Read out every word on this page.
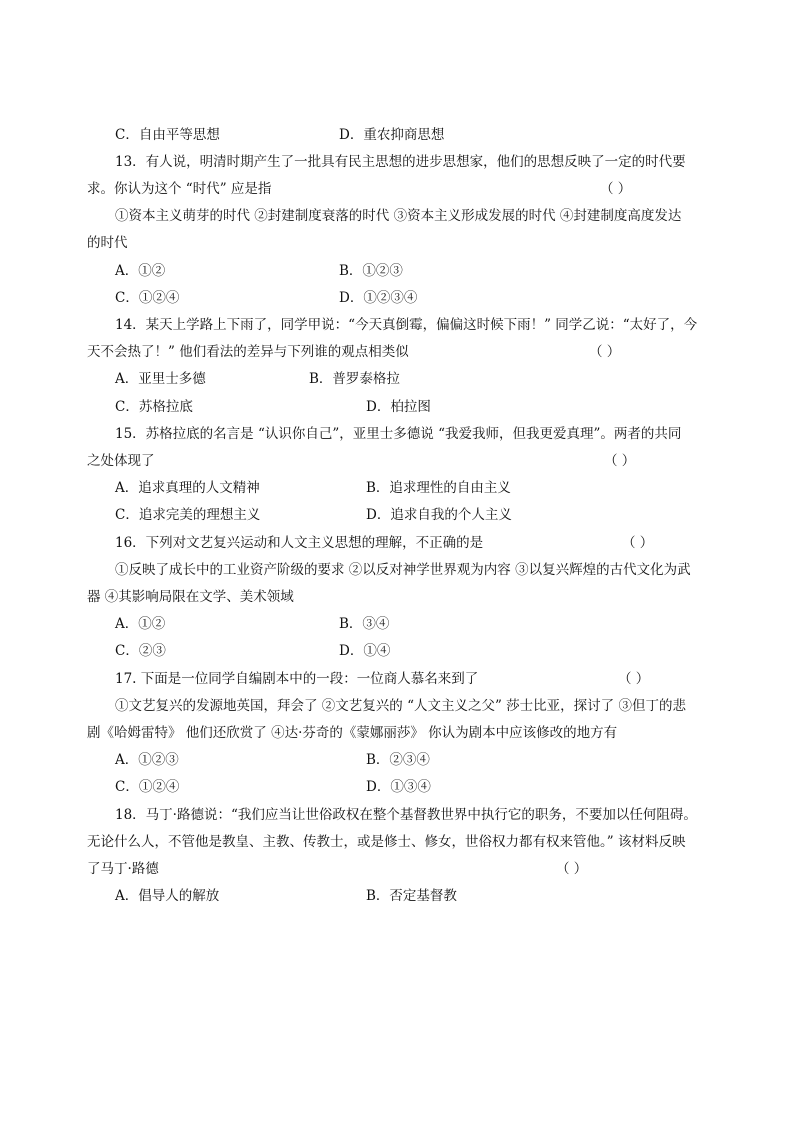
C．自由平等思想	D．重农抑商思想
13．有人说，明清时期产生了一批具有民主思想的进步思想家，他们的思想反映了一定的时代要
求。你认为这个 “时代” 应是指	（ ）
①资本主义萌芽的时代 ②封建制度衰落的时代 ③资本主义形成发展的时代 ④封建制度高度发达
的时代
A．①②	B．①②③
C．①②④	D．①②③④
14．某天上学路上下雨了，同学甲说：“今天真倒霉，偏偏这时候下雨！” 同学乙说：“太好了，今
天不会热了！” 他们看法的差异与下列谁的观点相类似	（ ）
A．亚里士多德	B．普罗泰格拉
C．苏格拉底	D．柏拉图
15．苏格拉底的名言是 “认识你自己”，亚里士多德说 “我爱我师，但我更爱真理”。两者的共同
之处体现了	（ ）
A．追求真理的人文精神	B．追求理性的自由主义
C．追求完美的理想主义	D．追求自我的个人主义
16．下列对文艺复兴运动和人文主义思想的理解，不正确的是	（ ）
①反映了成长中的工业资产阶级的要求 ②以反对神学世界观为内容 ③以复兴辉煌的古代文化为武
器 ④其影响局限在文学、美术领域
A．①②	B．③④
C．②③	D．①④
17. 下面是一位同学自编剧本中的一段：一位商人慕名来到了	（ ）
①文艺复兴的发源地英国，拜会了 ②文艺复兴的 “人文主义之父” 莎士比亚，探讨了 ③但丁的悲
剧《哈姆雷特》 他们还欣赏了 ④达·芬奇的《蒙娜丽莎》 你认为剧本中应该修改的地方有
A．①②③	B．②③④
C．①②④	D．①③④
18．马丁·路德说：“我们应当让世俗政权在整个基督教世界中执行它的职务，不要加以任何阻碍。
无论什么人，不管他是教皇、主教、传教士，或是修士、修女，世俗权力都有权来管他。” 该材料反映
了马丁·路德	（ ）
A．倡导人的解放	B．否定基督教
